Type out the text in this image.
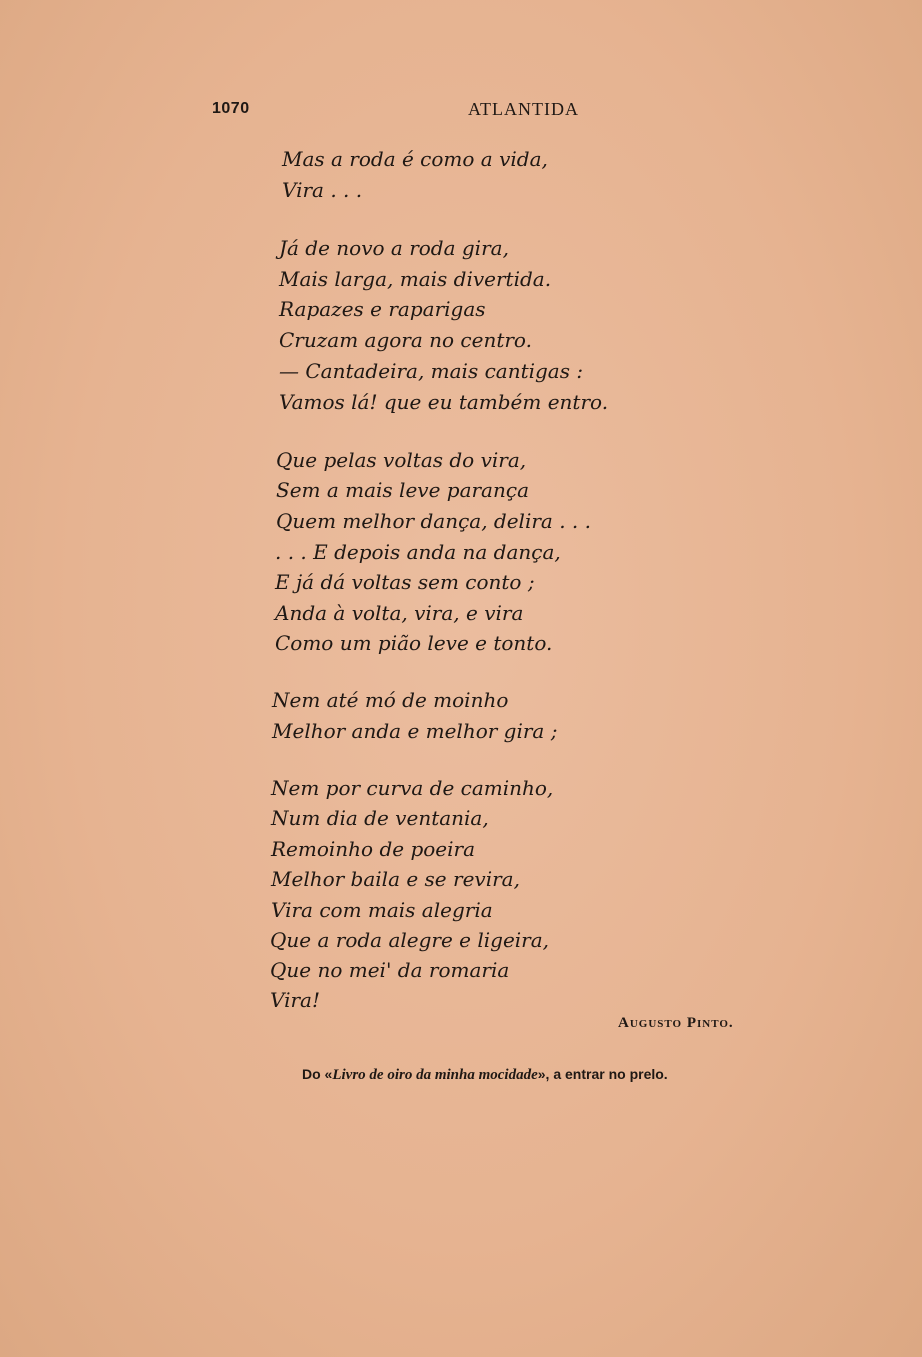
1070	ATLANTIDA
Mas a roda é como a vida,
Vira . . .
Já de novo a roda gira,
Mais larga, mais divertida.
Rapazes e raparigas
Cruzam agora no centro.
— Cantadeira, mais cantigas :
Vamos lá! que eu também entro.
Que pelas voltas do vira,
Sem a mais leve parança
Quem melhor dança, delira . . .
. . . E depois anda na dança,
E já dá voltas sem conto ;
Anda à volta, vira, e vira
Como um pião leve e tonto.
Nem até mó de moinho
Melhor anda e melhor gira ;
Nem por curva de caminho,
Num dia de ventania,
Remoinho de poeira
Melhor baila e se revira,
Vira com mais alegria
Que a roda alegre e ligeira,
Que no mei' da romaria
Vira!
Augusto Pinto.
Do «Livro de oiro da minha mocidade», a entrar no prelo.
